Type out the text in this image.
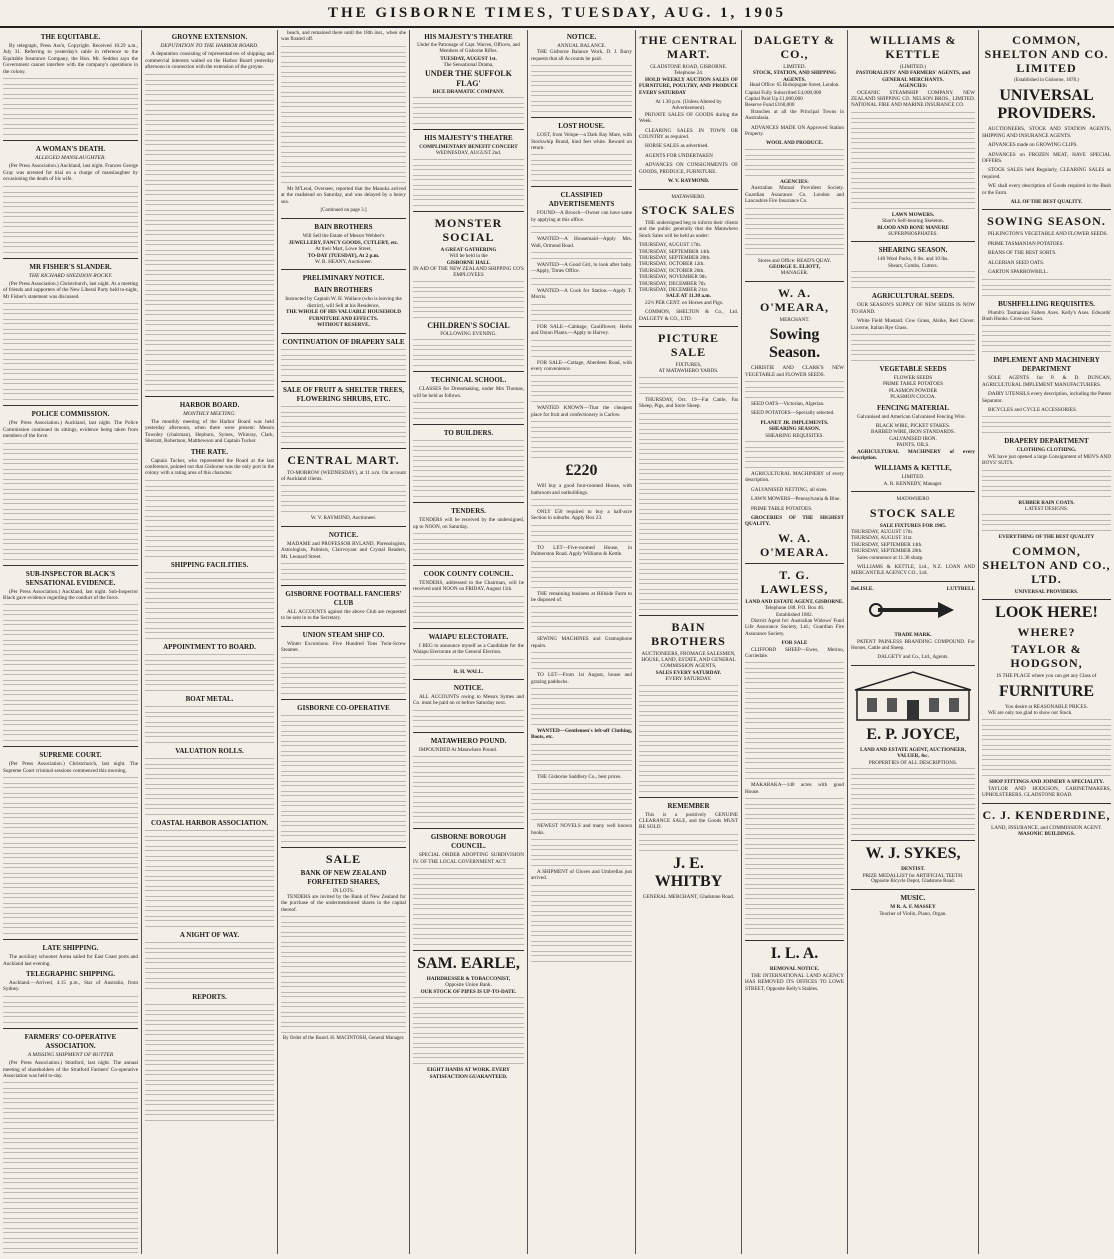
THE GISBORNE TIMES, TUESDAY, AUG. 1, 1905
THE EQUITABLE.
By telegraph, Press Ass'n, Copyright. Received 10.29 a.m., July 31. Referring to yesterday's cable in reference to the Equitable Insurance Company, the Hon. Mr. Seddon says the Government cannot interfere with the company's operations in the colony.
A WOMAN'S DEATH.
ALLEGED MANSLAUGHTER.
(Per Press Association.) Auckland, last night. Frances George Gray was arrested for trial on a charge of manslaughter by occasioning the death of his wife.
MR FISHER'S SLANDER.
THE RICHARD SNEDDON ROCKY.
(Per Press Association.) Christchurch, last night. At a meeting of friends and supporters of the New Liberal Party held to-night, Mr Fisher's statement was discussed.
POLICE COMMISSION.
(Per Press Association.) Auckland, last night. The Police Commission continued its sittings, evidence being taken from members of the force.
SUB-INSPECTOR BLACK'S SENSATIONAL EVIDENCE.
(Per Press Association.) Auckland, last night. Sub-Inspector Black gave evidence regarding the conduct of the force.
SUPREME COURT.
(Per Press Association.) Christchurch, last night. The Supreme Court criminal sessions commenced this morning.
LATE SHIPPING.
The auxiliary schooner Aotea sailed for East Coast ports and Auckland last evening.
TELEGRAPHIC SHIPPING.
Auckland.—Arrived, 4.15 p.m., Star of Australia, from Sydney.
FARMERS' CO-OPERATIVE ASSOCIATION.
A MISSING SHIPMENT OF BUTTER
(Per Press Association.) Stratford, last night. The annual meeting of shareholders of the Stratford Farmers' Co-operative Association was held to-day.
GROYNE EXTENSION.
DEPUTATION TO THE HARBOR BOARD.
A deputation consisting of representatives of shipping and commercial interests waited on the Harbor Board yesterday afternoon in connection with the extension of the groyne.
HARBOR BOARD.
MONTHLY MEETING.
The monthly meeting of the Harbor Board was held yesterday afternoon, when there were present: Messrs Townley (chairman), Hepburn, Symes, Whinray, Clark, Sherratt, Robertson, Matthewson and Captain Tucker.
THE RATE.
Captain Tucker, who represented the Board at the last conference, pointed out that Gisborne was the only port in the colony with a rating area of this character.
SHIPPING FACILITIES.
APPOINTMENT TO BOARD.
BOAT METAL.
VALUATION ROLLS.
COASTAL HARBOR ASSOCIATION.
A NIGHT OF WAY.
REPORTS.
beach, and remained there until the 18th inst., when she was floated off.
Mr M'Leod, Overseer, reported that the Manuka arrived at the roadstead on Saturday, and was delayed by a heavy sea.
[Continued on page 3.]
BAIN BROTHERS
Will Sell the Estate of Messrs Webber's
JEWELLERY, FANCY GOODS, CUTLERY, etc.
At their Mart, Lowe Street,
TO-DAY (TUESDAY), At 2 p.m.
W. R. HEANY, Auctioneer.
PRELIMINARY NOTICE.
BAIN BROTHERS
Instructed by Captain W. H. Wallace (who is leaving the district), will Sell at his Residence,
THE WHOLE OF HIS VALUABLE HOUSEHOLD FURNITURE AND EFFECTS.
WITHOUT RESERVE.
CONTINUATION OF DRAPERY SALE
SALE OF FRUIT & SHELTER TREES, FLOWERING SHRUBS, ETC.
CENTRAL MART.
TO-MORROW (WEDNESDAY), at 11 a.m. On account of Auckland clients.
W. V. RAYMOND, Auctioneer.
NOTICE.
MADAME and PROFESSOR RYLAND, Phrenologists, Astrologists, Palmists, Clairvoyant and Crystal Readers, Mt. Leonard Street.
GISBORNE FOOTBALL FANCIERS' CLUB
ALL ACCOUNTS against the above Club are requested to be sent in to the Secretary.
UNION STEAM SHIP CO.
Winter Excursions. Five Hundred Tons Twin-Screw Steamer.
GISBORNE CO-OPERATIVE
SALE
BANK OF NEW ZEALAND FORFEITED SHARES,
IN LOTS.
TENDERS are invited by the Bank of New Zealand for the purchase of the undermentioned shares in the capital thereof.
By Order of the Board. H. MACINTOSH, General Manager.
HIS MAJESTY'S THEATRE
Under the Patronage of Capt. Warren, Officers, and Members of Gisborne Rifles.
TUESDAY, AUGUST 1st.
The Sensational Drama,
UNDER THE SUFFOLK FLAG'
RICE DRAMATIC COMPANY.
HIS MAJESTY'S THEATRE
COMPLIMENTARY BENEFIT CONCERT
WEDNESDAY, AUGUST 2nd.
MONSTER SOCIAL
A GREAT GATHERING
Will be held in the
GISBORNE HALL
IN AID OF THE NEW ZEALAND SHIPPING CO'S EMPLOYEES
CHILDREN'S SOCIAL
FOLLOWING EVENING.
TECHNICAL SCHOOL.
CLASSES for Dressmaking, under Mrs Thomas, will be held as follows.
TO BUILDERS.
TENDERS.
TENDERS will be received by the undersigned, up to NOON, on Saturday.
COOK COUNTY COUNCIL.
TENDERS, addressed to the Chairman, will be received until NOON on FRIDAY, August 11th.
WAIAPU ELECTORATE.
I BEG to announce myself as a Candidate for the Waiapu Electorate at the General Election.
R. H. WALL.
NOTICE.
ALL ACCOUNTS owing to Messrs Symes and Co. must be paid on or before Saturday next.
MATAWHERO POUND.
IMPOUNDED At Matawhero Pound.
GISBORNE BOROUGH COUNCIL.
SPECIAL ORDER ADOPTING SUBDIVISION IV. OF THE LOCAL GOVERNMENT ACT.
SAM. EARLE,
HAIRDRESSER & TOBACCONIST,
Opposite Union Bank.
OUR STOCK OF PIPES IS UP-TO-DATE.
EIGHT HANDS AT WORK. EVERY SATISFACTION GUARANTEED.
NOTICE.
ANNUAL BALANCE.
THE Gisborne Balance Work, D. J. Barry requests that all Accounts be paid.
LOST HOUSE.
LOST, from Velope—a Dark Bay Mare, with Stockwhip Brand, hind feet white. Reward on return.
CLASSIFIED ADVERTISEMENTS
FOUND—A Brooch—Owner can have same by applying at this office.
WANTED—A Housemaid—Apply Mrs. Wall, Ormond Road.
WANTED—A Good Girl, to look after baby.—Apply, Times Office.
WANTED—A Cook for Station.—Apply T. Morris.
FOR SALE—Cabbage, Cauliflower, Herbs and Onion Plants.—Apply to Harvey.
FOR SALE—Cottage, Aberdeen Road, with every convenience.
WANTED KNOWN—That the cheapest place for fruit and confectionery is Carlow.
£220
Will buy a good four-roomed House, with bathroom and outbuildings.
ONLY £50 required to buy a half-acre Section in suburbs. Apply Box 23.
TO LET—Five-roomed House, in Palmerston Road. Apply Williams & Kettle.
THE remaining business at Hillside Farm to be disposed of.
SEWING MACHINES and Gramophone repairs.
TO LET—From 1st August, house and grazing paddocks.
WANTED—Gentlemen's left-off Clothing, Boots, etc.
THE Gisborne Saddlery Co., best prices.
NEWEST NOVELS and many well known books.
A SHIPMENT of Gloves and Umbrellas just arrived.
THE CENTRAL MART.
GLADSTONE ROAD, GISBORNE.
Telephone 24.
HOLD WEEKLY AUCTION SALES OF FURNITURE, POULTRY, AND PRODUCE EVERY SATURDAY
At 1.30 p.m. (Unless Altered by Advertisement).
PRIVATE SALES OF GOODS during the Week.
CLEARING SALES IN TOWN OR COUNTRY as required.
HORSE SALES as advertised.
AGENTS FOR UNDERTAKEN
ADVANCES ON CONSIGNMENTS OF GOODS, PRODUCE, FURNITURE.
W. V. RAYMOND.
MATAWHERO.
STOCK SALES
THE undersigned beg to inform their clients and the public generally that the Matawhero Stock Sales will be held as under:
THURSDAY, AUGUST 17th.
THURSDAY, SEPTEMBER 14th.
THURSDAY, SEPTEMBER 28th.
THURSDAY, OCTOBER 12th.
THURSDAY, OCTOBER 26th.
THURSDAY, NOVEMBER 9th.
THURSDAY, DECEMBER 7th.
THURSDAY, DECEMBER 21st.
SALE AT 11.30 a.m.
22½ PER CENT. on Horses and Pigs.
COMMON, SHELTON & Co., Ltd. DALGETY & CO., LTD.
PICTURE SALE
FIXTURES,
AT MATAWHERO YARDS.
THURSDAY, Oct. 19—Fat Cattle, Fat Sheep, Pigs, and Store Sheep.
BAIN BROTHERS
AUCTIONEERS, FROMAGE SALESMEN, HOUSE, LAND, ESTATE, AND GENERAL COMMISSION AGENTS,
SALES EVERY SATURDAY.
EVERY SATURDAY.
REMEMBER
This is a positively GENUINE CLEARANCE SALE, and the Goods MUST BE SOLD.
J. E. WHITBY
GENERAL MERCHANT, Gladstone Road.
DALGETY & CO.,
LIMITED.
STOCK, STATION, AND SHIPPING AGENTS.
Head Office: 65 Bishopsgate Street, London.
Capital Fully Subscribed £4,000,000
Capital Paid Up £1,000,000
Reserve Fund £160,000
Branches at all the Principal Towns in Australasia.
ADVANCES MADE ON Approved Station Property.
WOOL AND PRODUCE.
AGENCIES:
Australian Mutual Provident Society. Guardian Assurance Co. London and Lancashire Fire Insurance Co.
Stores and Office: READ'S QUAY.
GEORGE E. ELIOTT,
MANAGER.
W. A. O'MEARA,
MERCHANT.
Sowing Season.
CHRISTIE AND CLARK'S NEW VEGETABLE and FLOWER SEEDS.
SEED OATS—Victorian, Algerian.
SEED POTATOES—Specially selected.
PLANET JR. IMPLEMENTS.
SHEARING SEASON.
SHEARING REQUISITES.
AGRICULTURAL MACHINERY of every description.
GALVANISED NETTING, all sizes.
LAWN MOWERS—Pennsylvania & Blue.
PRIME TABLE POTATOES.
GROCERIES OF THE HIGHEST QUALITY.
W. A. O'MEARA.
T. G. LAWLESS,
LAND AND ESTATE AGENT, GISBORNE.
Telephone 188. P.O. Box 46.
Established 1882.
District Agent for: Australian Widows' Fund Life Assurance Society, Ltd.; Guardian Fire Assurance Society.
FOR SALE
CLIFFORD SHEEP—Ewes, Merino, Corriedale.
MAKARAKA—140 acres with good House.
I. L. A.
REMOVAL NOTICE.
THE INTERNATIONAL LAND AGENCY HAS REMOVED ITS OFFICES TO LOWE STREET, Opposite Kelly's Stables.
WILLIAMS & KETTLE
(LIMITED.)
PASTORALISTS' AND FARMERS' AGENTS, and GENERAL MERCHANTS.
AGENCIES:
OCEANIC STEAMSHIP COMPANY. NEW ZEALAND SHIPPING CO. NELSON BROS., LIMITED. NATIONAL FIRE AND MARINE INSURANCE CO.
LAWN MOWERS.
Sharr's Self-bearing Skeleton.
BLOOD AND BONE MANURE
SUPERPHOSPHATES.
SHEARING SEASON.
140 Wool Packs, 8 lbs. and 10 lbs.
Shears, Combs, Cutters.
AGRICULTURAL SEEDS.
OUR SEASON'S SUPPLY OF NEW SEEDS IS NOW TO HAND.
White Field Mustard. Cow Grass, Alsike, Red Clover. Lucerne, Italian Rye Grass.
VEGETABLE SEEDS
FLOWER SEEDS
PRIME TABLE POTATOES
PLASMON POWDER
PLASMON COCOA.
FENCING MATERIAL
Galvanised and American Galvanised Fencing Wire.
BLACK WIRE, PICKET STAKES.
BARBED WIRE, IRON STANDARDS.
GALVANISED IRON.
PAINTS, OILS.
AGRICULTURAL MACHINERY of every description.
WILLIAMS & KETTLE,
LIMITED.
A. R. KENNEDY, Manager.
MATAWHERO
STOCK SALE
SALE FIXTURES FOR 1905.
THURSDAY, AUGUST 17th.
THURSDAY, AUGUST 31st.
THURSDAY, SEPTEMBER 14th.
THURSDAY, SEPTEMBER 28th.
Sales commence at 11.30 sharp.
WILLIAMS & KETTLE, Ltd., N.Z. LOAN AND MERCANTILE AGENCY CO., Ltd.
DeLISLE.	LUTTRELL
TRADE MARK.
PATENT PAINLESS BRANDING COMPOUND. For Horses, Cattle and Sheep.
DALGETY and Co., Ltd., Agents.
E. P. JOYCE,
LAND AND ESTATE AGENT, AUCTIONEER, VALUER, &c.
PROPERTIES OF ALL DESCRIPTIONS.
W. J. SYKES,
DENTIST.
PRIZE MEDALLIST for ARTIFICIAL TEETH.
Opposite Bicycle Depot, Gladstone Road.
MUSIC.
M R. A. F. MASSEY
Teacher of Violin, Piano, Organ.
COMMON, SHELTON AND CO. LIMITED
(Established in Gisborne, 1878.)
UNIVERSAL PROVIDERS.
AUCTIONEERS, STOCK AND STATION AGENTS, SHIPPING AND INSURANCE AGENTS.
ADVANCES made on GROWING CLIPS.
ADVANCES on FROZEN MEAT, HAVE SPECIAL OFFERS.
STOCK SALES held Regularly, CLEARING SALES as required.
WE shall every description of Goods required in the Bush or the Farm.
ALL OF THE BEST QUALITY.
SOWING SEASON.
PILKINGTON'S VEGETABLE AND FLOWER SEEDS.
PRIME TASMANIAN POTATOES.
BEANS OF THE BEST SORTS.
ALGERIAN SEED OATS.
GARTON SPARROWBILL.
BUSHFELLING REQUISITES.
Plumb's Tasmanian Fallers Axes. Kelly's Axes. Edwards' Bush Hooks. Cross-cut Saws.
IMPLEMENT AND MACHINERY DEPARTMENT
SOLE AGENTS for P. & D. DUNCAN, AGRICULTURAL IMPLEMENT MANUFACTURERS.
DAIRY UTENSILS every description, including the Patent Separator.
BICYCLES and CYCLE ACCESSORIES.
DRAPERY DEPARTMENT
CLOTHING CLOTHING.
WE have just opened a large Consignment of MEN'S AND BOYS' SUITS.
RUBBER RAIN COATS.
LATEST DESIGNS.
EVERYTHING OF THE BEST QUALITY
COMMON, SHELTON AND CO., LTD.
UNIVERSAL PROVIDERS.
LOOK HERE!
WHERE?
TAYLOR & HODGSON,
IS THE PLACE where you can get any Class of
FURNITURE
You desire at REASONABLE PRICES.
WE are only too glad to show our Stock.
SHOP FITTINGS AND JOINERY A SPECIALITY.
TAYLOR AND HODGSON, CABINETMAKERS, UPHOLSTERERS, GLADSTONE ROAD.
C. J. KENDERDINE,
LAND, INSURANCE, and COMMISSION AGENT.
MASONIC BUILDINGS.
